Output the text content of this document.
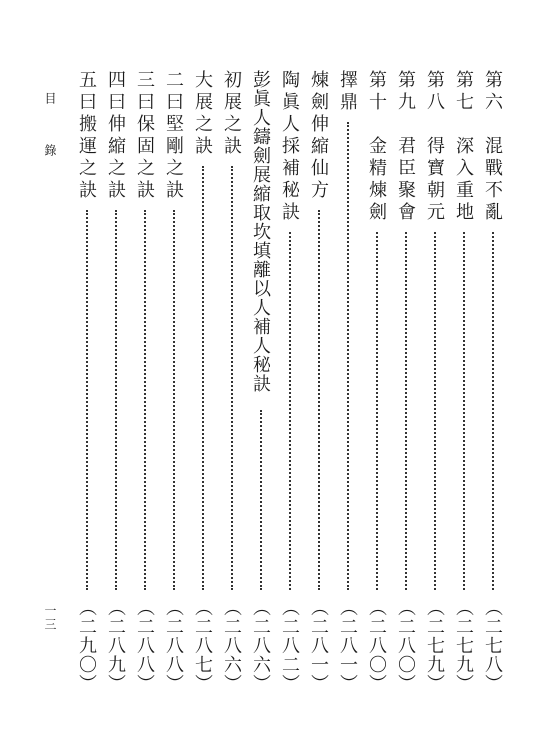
目 錄
一三
第六　混戰不亂
第七　深入重地
第八　得寶朝元
第九　君臣聚會
第十　金精煉劍
擇鼎
煉劍伸縮仙方
陶眞人採補秘訣
彭眞人鑄劍展縮取坎填離以人補人秘訣
初展之訣
大展之訣
二曰堅剛之訣
三曰保固之訣
四曰伸縮之訣
五曰搬運之訣
（二七八）
（二七九）
（二七九）
（二八〇）
（二八〇）
（二八一）
（二八一）
（二八二）
（二八六）
（二八六）
（二八七）
（二八八）
（二八八）
（二八九）
（二九〇）
